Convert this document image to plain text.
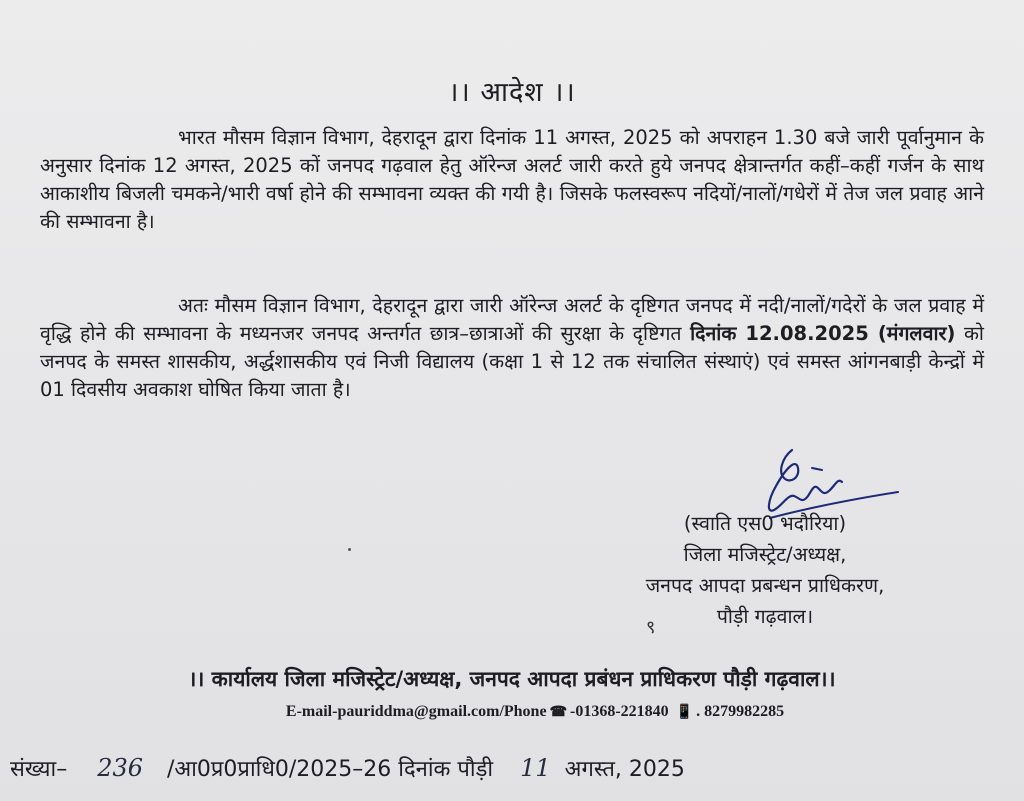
।। आदेश ।।

भारत मौसम विज्ञान विभाग, देहरादून द्वारा दिनांक 11 अगस्त, 2025 को अपराहन 1.30 बजे जारी पूर्वानुमान के अनुसार दिनांक 12 अगस्त, 2025 कों जनपद गढ़वाल हेतु ऑरेन्ज अलर्ट जारी करते हुये जनपद क्षेत्रान्तर्गत कहीं–कहीं गर्जन के साथ आकाशीय बिजली चमकने/भारी वर्षा होने की सम्भावना व्यक्त की गयी है। जिसके फलस्वरूप नदियों/नालों/गधेरों में तेज जल प्रवाह आने की सम्भावना है।

अतः मौसम विज्ञान विभाग, देहरादून द्वारा जारी ऑरेन्ज अलर्ट के दृष्टिगत जनपद में नदी/नालों/गदेरों के जल प्रवाह में वृद्धि होने की सम्भावना के मध्यनजर जनपद अन्तर्गत छात्र–छात्राओं की सुरक्षा के दृष्टिगत दिनांक 12.08.2025 (मंगलवार) को जनपद के समस्त शासकीय, अर्द्धशासकीय एवं निजी विद्यालय (कक्षा 1 से 12 तक संचालित संस्थाएं) एवं समस्त आंगनबाड़ी केन्द्रों में 01 दिवसीय अवकाश घोषित किया जाता है।

(स्वाति एस0 भदौरिया)
जिला मजिस्ट्रेट/अध्यक्ष,
जनपद आपदा प्रबन्धन प्राधिकरण,
पौड़ी गढ़वाल।
९
।। कार्यालय जिला मजिस्ट्रेट/अध्यक्ष, जनपद आपदा प्रबंधन प्राधिकरण पौड़ी गढ़वाल।।
E-mail-pauriddma@gmail.com/Phone ☎ -01368-221840 📱 . 8279982285
संख्या– 236 /आ0प्र0प्राधि0/2025–26 दिनांक पौड़ी 11 अगस्त, 2025
